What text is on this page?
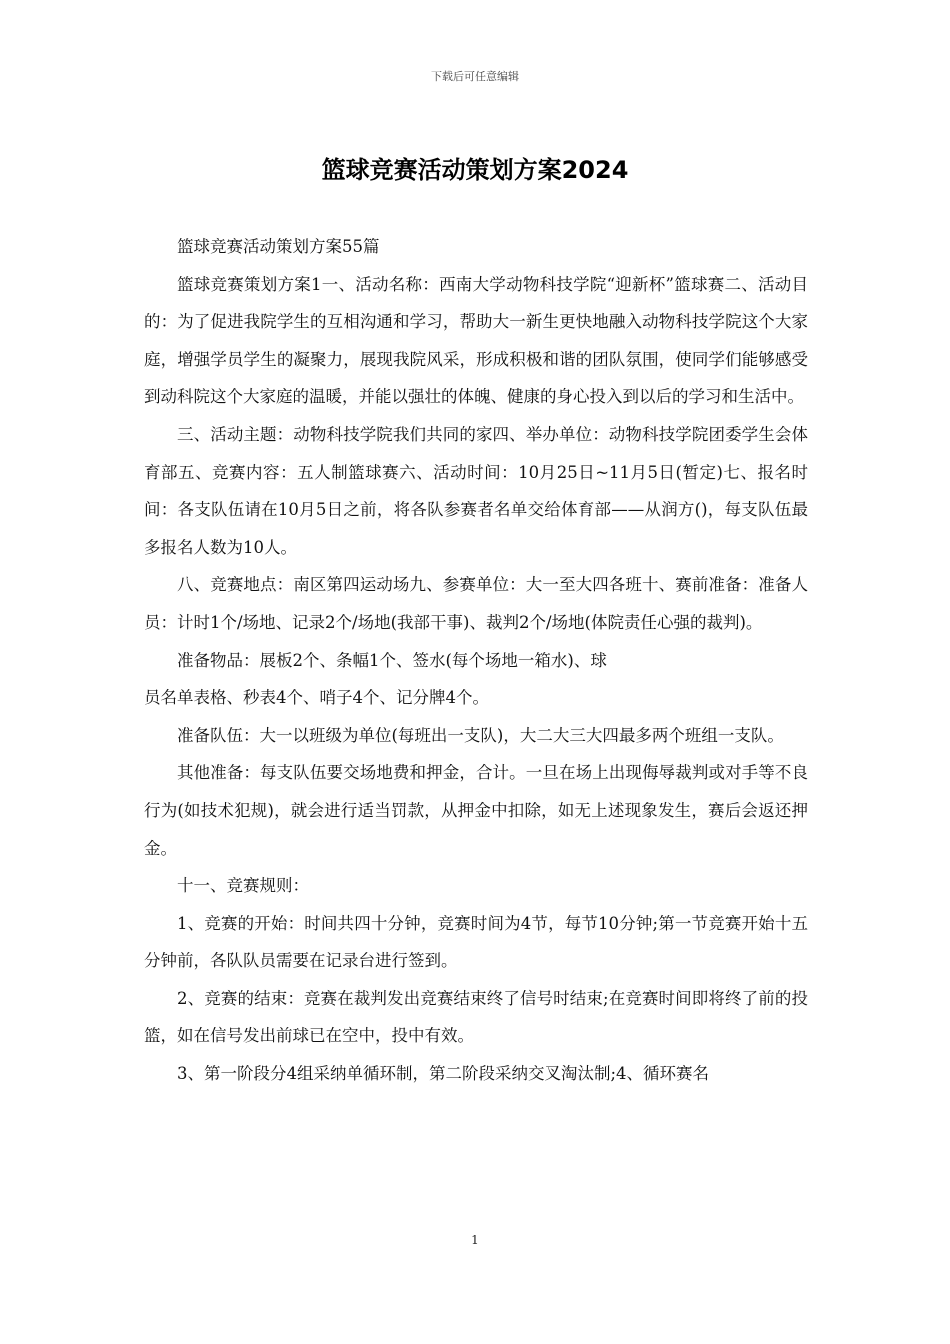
下载后可任意编辑
篮球竞赛活动策划方案2024

篮球竞赛活动策划方案55篇

篮球竞赛策划方案1一、活动名称：西南大学动物科技学院“迎新杯”篮球赛二、活动目的：为了促进我院学生的互相沟通和学习，帮助大一新生更快地融入动物科技学院这个大家庭，增强学员学生的凝聚力，展现我院风采，形成积极和谐的团队氛围，使同学们能够感受到动科院这个大家庭的温暖，并能以强壮的体魄、健康的身心投入到以后的学习和生活中。

三、活动主题：动物科技学院我们共同的家四、举办单位：动物科技学院团委学生会体育部五、竞赛内容：五人制篮球赛六、活动时间：10月25日~11月5日(暂定)七、报名时间：各支队伍请在10月5日之前，将各队参赛者名单交给体育部——从润方()，每支队伍最多报名人数为10人。

八、竞赛地点：南区第四运动场九、参赛单位：大一至大四各班十、赛前准备：准备人员：计时1个/场地、记录2个/场地(我部干事)、裁判2个/场地(体院责任心强的裁判)。

准备物品：展板2个、条幅1个、签水(每个场地一箱水)、球

员名单表格、秒表4个、哨子4个、记分牌4个。

准备队伍：大一以班级为单位(每班出一支队)，大二大三大四最多两个班组一支队。

其他准备：每支队伍要交场地费和押金，合计。一旦在场上出现侮辱裁判或对手等不良行为(如技术犯规)，就会进行适当罚款，从押金中扣除，如无上述现象发生，赛后会返还押金。

十一、竞赛规则：

1、竞赛的开始：时间共四十分钟，竞赛时间为4节，每节10分钟;第一节竞赛开始十五分钟前，各队队员需要在记录台进行签到。

2、竞赛的结束：竞赛在裁判发出竞赛结束终了信号时结束;在竞赛时间即将终了前的投篮，如在信号发出前球已在空中，投中有效。

3、第一阶段分4组采纳单循环制，第二阶段采纳交叉淘汰制;4、循环赛名

1
